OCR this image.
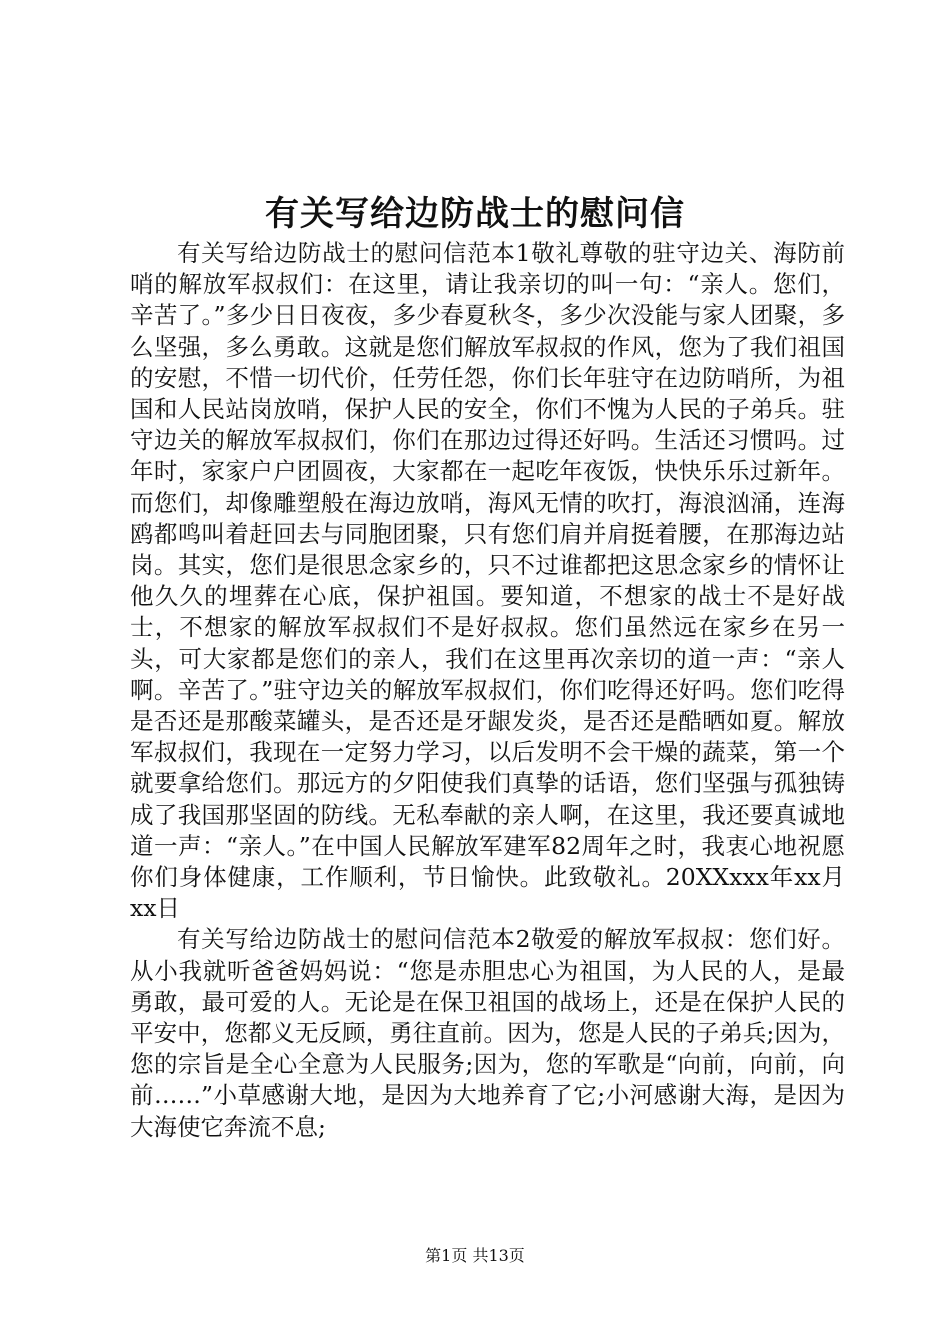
有关写给边防战士的慰问信

有关写给边防战士的慰问信范本1敬礼尊敬的驻守边关、海防前哨的解放军叔叔们：在这里，请让我亲切的叫一句：“亲人。您们，辛苦了。”多少日日夜夜，多少春夏秋冬，多少次没能与家人团聚，多么坚强，多么勇敢。这就是您们解放军叔叔的作风，您为了我们祖国的安慰，不惜一切代价，任劳任怨，你们长年驻守在边防哨所，为祖国和人民站岗放哨，保护人民的安全，你们不愧为人民的子弟兵。驻守边关的解放军叔叔们，你们在那边过得还好吗。生活还习惯吗。过年时，家家户户团圆夜，大家都在一起吃年夜饭，快快乐乐过新年。而您们，却像雕塑般在海边放哨，海风无情的吹打，海浪汹涌，连海鸥都鸣叫着赶回去与同胞团聚，只有您们肩并肩挺着腰，在那海边站岗。其实，您们是很思念家乡的，只不过谁都把这思念家乡的情怀让他久久的埋葬在心底，保护祖国。要知道，不想家的战士不是好战士，不想家的解放军叔叔们不是好叔叔。您们虽然远在家乡在另一头，可大家都是您们的亲人，我们在这里再次亲切的道一声：“亲人啊。辛苦了。”驻守边关的解放军叔叔们，你们吃得还好吗。您们吃得是否还是那酸菜罐头，是否还是牙龈发炎，是否还是酷晒如夏。解放军叔叔们，我现在一定努力学习，以后发明不会干燥的蔬菜，第一个就要拿给您们。那远方的夕阳使我们真挚的话语，您们坚强与孤独铸成了我国那坚固的防线。无私奉献的亲人啊，在这里，我还要真诚地道一声：“亲人。”在中国人民解放军建军82周年之时，我衷心地祝愿你们身体健康，工作顺利，节日愉快。此致敬礼。20XXxxx年xx月xx日

有关写给边防战士的慰问信范本2敬爱的解放军叔叔：您们好。从小我就听爸爸妈妈说：“您是赤胆忠心为祖国，为人民的人，是最勇敢，最可爱的人。无论是在保卫祖国的战场上，还是在保护人民的平安中，您都义无反顾，勇往直前。因为，您是人民的子弟兵;因为，您的宗旨是全心全意为人民服务;因为，您的军歌是“向前，向前，向前……”小草感谢大地，是因为大地养育了它;小河感谢大海，是因为大海使它奔流不息;

第1页 共13页
